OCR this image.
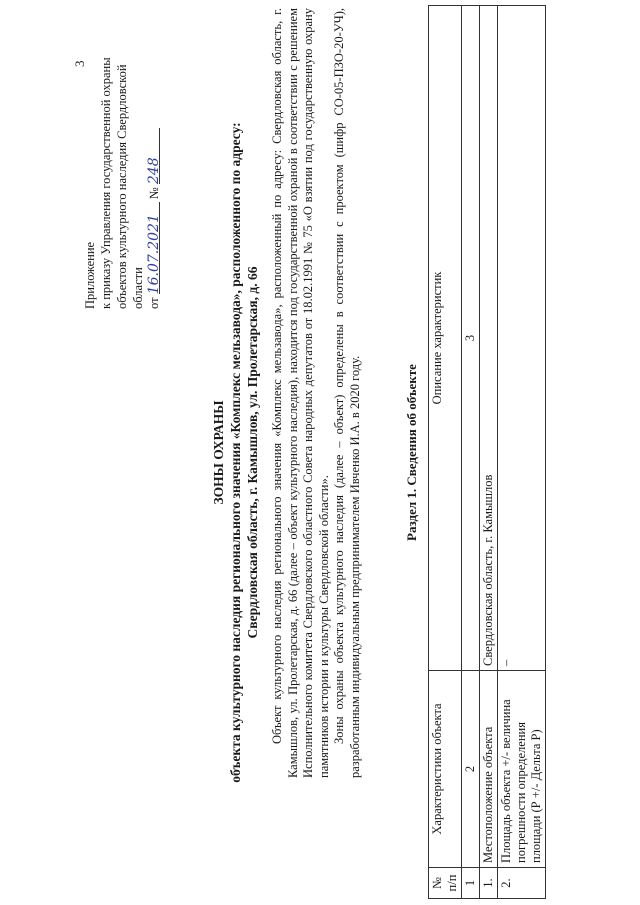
3
Приложение к приказу Управления государственной охраны объектов культурного наследия Свердловской области от 16.07.2021 № 248
ЗОНЫ ОХРАНЫ объекта культурного наследия регионального значения «Комплекс мельзавода», расположенного по адресу: Свердловская область, г. Камышлов, ул. Пролетарская, д. 66 Объект культурного наследия регионального значения «Комплекс мельзавода», расположенный по адресу: Свердловская область, г. Камышлов, ул. Пролетарская, д. 66 (далее – объект культурного наследия), находится под государственной охраной в соответствии с решением Исполнительного комитета Свердловского областного Совета народных депутатов от 18.02.1991 № 75 «О взятии под государственную охрану памятников истории и культуры Свердловской области». Зоны охраны объекта культурного наследия (далее – объект) определены в соответствии с проектом (шифр СО-05-ПЗО-20-УЧ), разработанным индивидуальным предпринимателем Ивченко И.А. в 2020 году.	Раздел 1. Сведения об объекте
№ п/п	Характеристики объекта	Описание характеристик
1	2	3
1.	Местоположение объекта	Свердловская область, г. Камышлов
2.	Площадь объекта +/- величина погрешности определения площади (Р +/- Дельта Р)	–
